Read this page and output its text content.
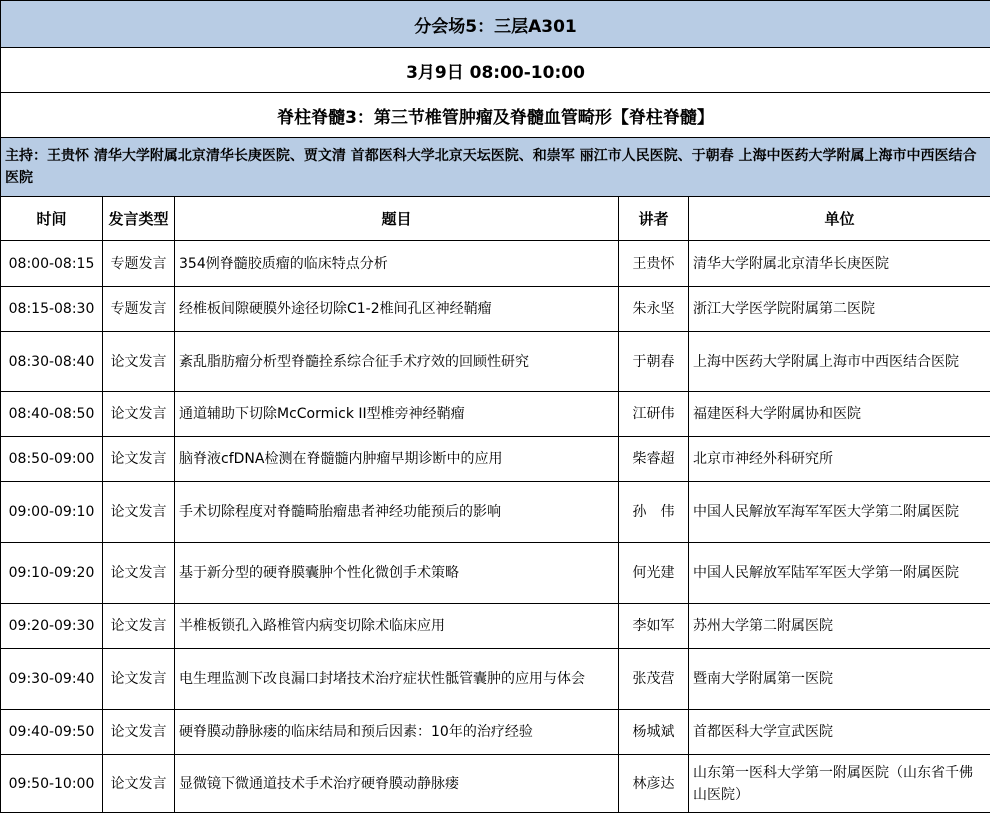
分会场5：三层A301				
3月9日 08:00-10:00				
脊柱脊髓3：第三节椎管肿瘤及脊髓血管畸形【脊柱脊髓】				
主持：王贵怀 清华大学附属北京清华长庚医院、贾文清 首都医科大学北京天坛医院、和崇军 丽江市人民医院、于朝春 上海中医药大学附属上海市中西医结合医院				
时间	发言类型	题目	讲者	单位
08:00-08:15	专题发言	354例脊髓胶质瘤的临床特点分析	王贵怀	清华大学附属北京清华长庚医院
08:15-08:30	专题发言	经椎板间隙硬膜外途径切除C1-2椎间孔区神经鞘瘤	朱永坚	浙江大学医学院附属第二医院
08:30-08:40	论文发言	紊乱脂肪瘤分析型脊髓拴系综合征手术疗效的回顾性研究	于朝春	上海中医药大学附属上海市中西医结合医院
08:40-08:50	论文发言	通道辅助下切除McCormick II型椎旁神经鞘瘤	江研伟	福建医科大学附属协和医院
08:50-09:00	论文发言	脑脊液cfDNA检测在脊髓髓内肿瘤早期诊断中的应用	柴睿超	北京市神经外科研究所
09:00-09:10	论文发言	手术切除程度对脊髓畸胎瘤患者神经功能预后的影响	孙　伟	中国人民解放军海军军医大学第二附属医院
09:10-09:20	论文发言	基于新分型的硬脊膜囊肿个性化微创手术策略	何光建	中国人民解放军陆军军医大学第一附属医院
09:20-09:30	论文发言	半椎板锁孔入路椎管内病变切除术临床应用	李如军	苏州大学第二附属医院
09:30-09:40	论文发言	电生理监测下改良漏口封堵技术治疗症状性骶管囊肿的应用与体会	张茂营	暨南大学附属第一医院
09:40-09:50	论文发言	硬脊膜动静脉瘘的临床结局和预后因素：10年的治疗经验	杨城斌	首都医科大学宣武医院
09:50-10:00	论文发言	显微镜下微通道技术手术治疗硬脊膜动静脉瘘	林彦达	山东第一医科大学第一附属医院（山东省千佛山医院）
